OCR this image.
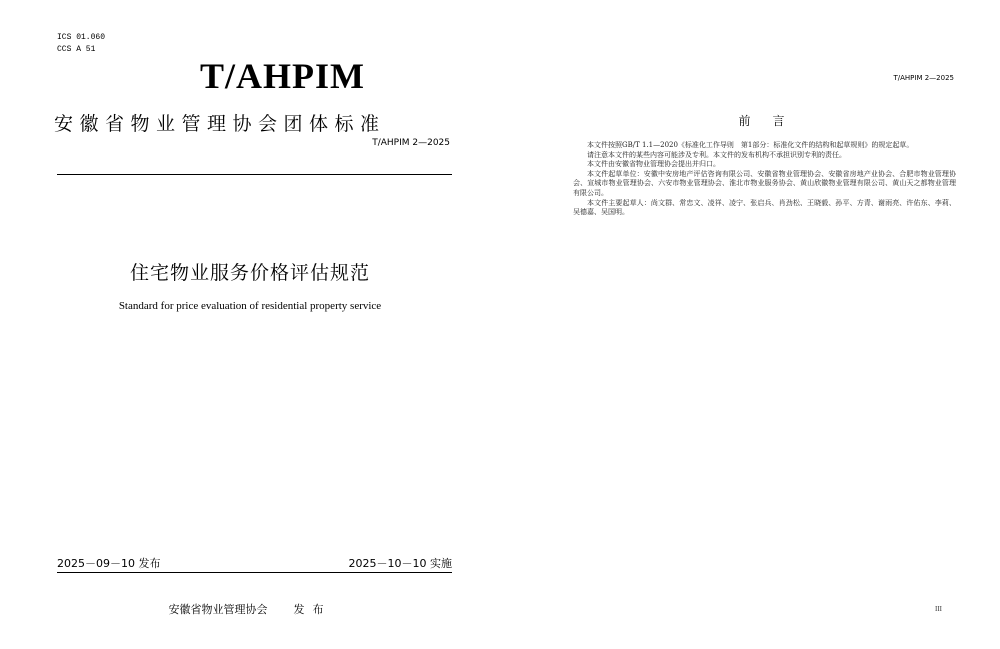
ICS 01.060
CCS A 51
T/AHPIM
安徽省物业管理协会团体标准
T/AHPIM 2—2025
住宅物业服务价格评估规范
Standard for price evaluation of residential property service
2025－09－10 发布	2025－10－10 实施
安徽省物业管理协会 发布
T/AHPIM 2—2025
前言

本文件按照GB/T 1.1—2020《标准化工作导则　第1部分：标准化文件的结构和起草规则》的规定起草。

请注意本文件的某些内容可能涉及专利。本文件的发布机构不承担识别专利的责任。

本文件由安徽省物业管理协会提出并归口。

本文件起草单位：安徽中安房地产评估咨询有限公司、安徽省物业管理协会、安徽省房地产业协会、合肥市物业管理协会、宣城市物业管理协会、六安市物业管理协会、淮北市物业服务协会、黄山欣徽物业管理有限公司、黄山天之都物业管理有限公司。

本文件主要起草人：尚文群、常忠文、凌祥、凌宁、张启兵、肖劲松、王晓毅、孙平、方青、谢雨亮、许佑东、李莉、吴德嘉、吴国明。

III
